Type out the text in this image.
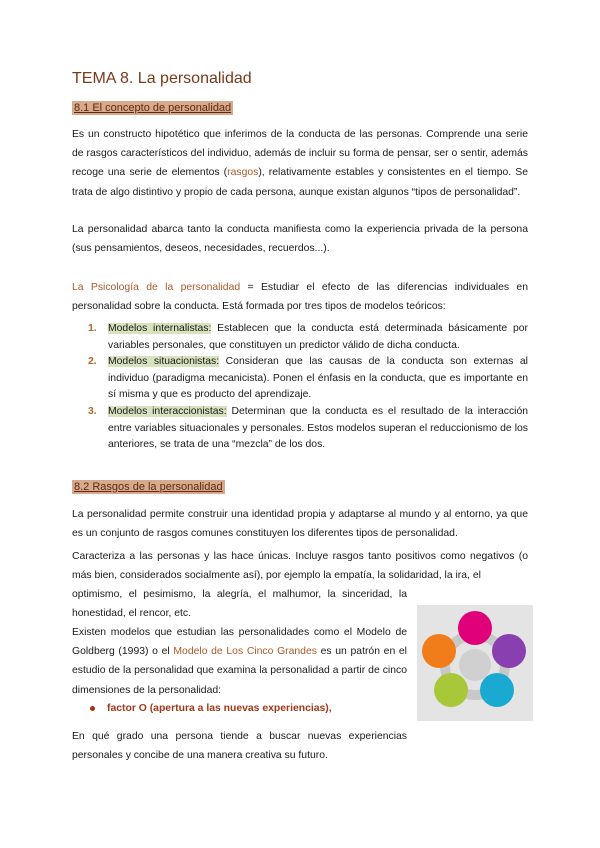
TEMA 8. La personalidad
8.1 El concepto de personalidad
Es un constructo hipotético que inferimos de la conducta de las personas. Comprende una serie de rasgos característicos del individuo, además de incluir su forma de pensar, ser o sentir, además recoge una serie de elementos (rasgos), relativamente estables y consistentes en el tiempo. Se trata de algo distintivo y propio de cada persona, aunque existan algunos “tipos de personalidad”.
La personalidad abarca tanto la conducta manifiesta como la experiencia privada de la persona (sus pensamientos, deseos, necesidades, recuerdos...).
La Psicología de la personalidad = Estudiar el efecto de las diferencias individuales en personalidad sobre la conducta. Está formada por tres tipos de modelos teóricos:
1. Modelos internalistas: Establecen que la conducta está determinada básicamente por variables personales, que constituyen un predictor válido de dicha conducta.
2. Modelos situacionistas: Consideran que las causas de la conducta son externas al individuo (paradigma mecanicista). Ponen el énfasis en la conducta, que es importante en sí misma y que es producto del aprendizaje.
3. Modelos interaccionistas: Determinan que la conducta es el resultado de la interacción entre variables situacionales y personales. Estos modelos superan el reduccionismo de los anteriores, se trata de una “mezcla” de los dos.
8.2 Rasgos de la personalidad
La personalidad permite construir una identidad propia y adaptarse al mundo y al entorno, ya que es un conjunto de rasgos comunes constituyen los diferentes tipos de personalidad.
Caracteriza a las personas y las hace únicas. Incluye rasgos tanto positivos como negativos (o más bien, considerados socialmente así), por ejemplo la empatía, la solidaridad, la ira, el
optimismo, el pesimismo, la alegría, el malhumor, la sinceridad, la honestidad, el rencor, etc.
Existen modelos que estudian las personalidades como el Modelo de Goldberg (1993) o el Modelo de Los Cinco Grandes es un patrón en el estudio de la personalidad que examina la personalidad a partir de cinco dimensiones de la personalidad:
factor O (apertura a las nuevas experiencias),
En qué grado una persona tiende a buscar nuevas experiencias personales y concibe de una manera creativa su futuro.
